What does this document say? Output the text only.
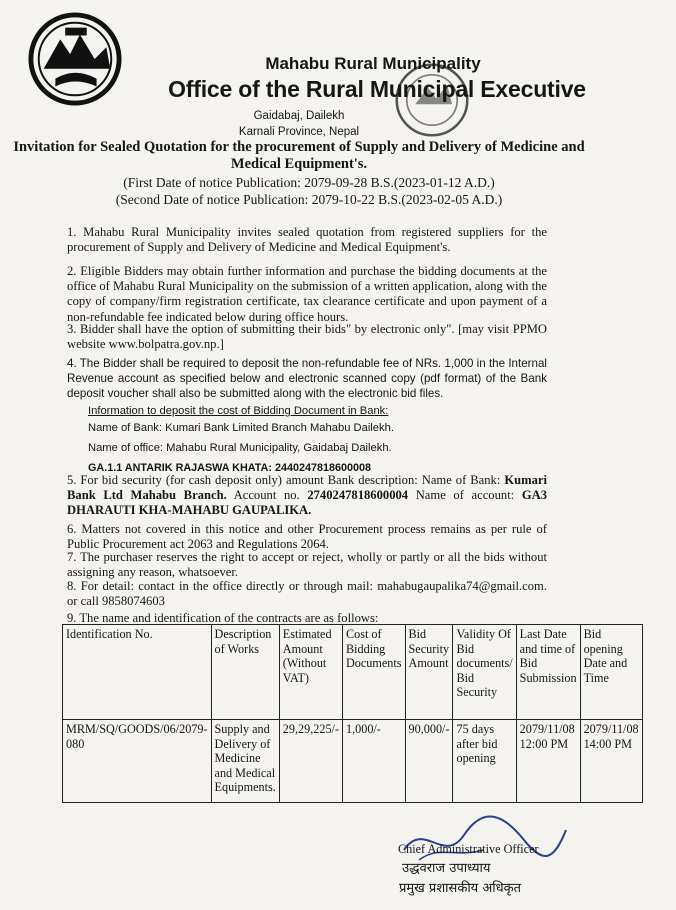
Mahabu Rural Municipality
Office of the Rural Municipal Executive
Gaidabaj, Dailekh
Karnali Province, Nepal
Invitation for Sealed Quotation for the procurement of Supply and Delivery of Medicine and Medical Equipment's.
(First Date of notice Publication: 2079-09-28 B.S.(2023-01-12 A.D.)
(Second Date of notice Publication: 2079-10-22 B.S.(2023-02-05 A.D.)
1. Mahabu Rural Municipality invites sealed quotation from registered suppliers for the procurement of Supply and Delivery of Medicine and Medical Equipment's.
2. Eligible Bidders may obtain further information and purchase the bidding documents at the office of Mahabu Rural Municipality on the submission of a written application, along with the copy of company/firm registration certificate, tax clearance certificate and upon payment of a non-refundable fee indicated below during office hours.
3. Bidder shall have the option of submitting their bids" by electronic only". [may visit PPMO website www.bolpatra.gov.np.]
4. The Bidder shall be required to deposit the non-refundable fee of NRs. 1,000 in the Internal Revenue account as specified below and electronic scanned copy (pdf format) of the Bank deposit voucher shall also be submitted along with the electronic bid files.
Information to deposit the cost of Bidding Document in Bank:
Name of Bank: Kumari Bank Limited Branch Mahabu Dailekh.
Name of office: Mahabu Rural Municipality, Gaidabaj Dailekh.
GA.1.1 ANTARIK RAJASWA KHATA: 2440247818600008
5. For bid security (for cash deposit only) amount Bank description: Name of Bank: Kumari Bank Ltd Mahabu Branch. Account no. 2740247818600004 Name of account: GA3 DHARAUTI KHA-MAHABU GAUPALIKA.
6. Matters not covered in this notice and other Procurement process remains as per rule of Public Procurement act 2063 and Regulations 2064.
7. The purchaser reserves the right to accept or reject, wholly or partly or all the bids without assigning any reason, whatsoever.
8. For detail: contact in the office directly or through mail: mahabugaupalika74@gmail.com. or call 9858074603
9. The name and identification of the contracts are as follows:
Identification No.	Description of Works	Estimated Amount (Without VAT)	Cost of Bidding Documents	Bid Security Amount	Validity Of Bid documents/ Bid Security	Last Date and time of Bid Submission	Bid opening Date and Time
MRM/SQ/GOODS/06/2079-080	Supply and Delivery of Medicine and Medical Equipments.	29,29,225/-	1,000/-	90,000/-	75 days after bid opening	2079/11/08 12:00 PM	2079/11/08 14:00 PM
Chief Administrative Officer
उद्धवराज उपाध्याय
प्रमुख प्रशासकीय अधिकृत
